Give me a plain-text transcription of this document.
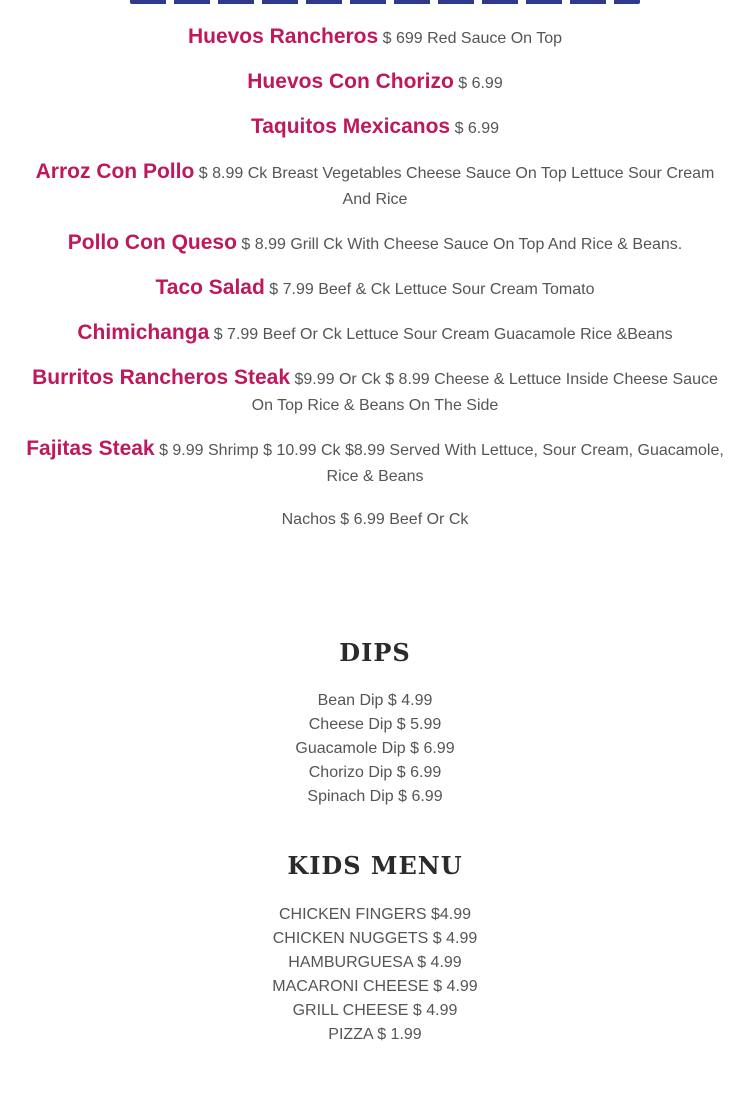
Huevos Rancheros $ 699 Red Sauce On Top
Huevos Con Chorizo $ 6.99
Taquitos Mexicanos $ 6.99
Arroz Con Pollo $ 8.99 Ck Breast Vegetables Cheese Sauce On Top Lettuce Sour Cream And Rice
Pollo Con Queso $ 8.99 Grill Ck With Cheese Sauce On Top And Rice & Beans.
Taco Salad $ 7.99 Beef & Ck Lettuce Sour Cream Tomato
Chimichanga $ 7.99 Beef Or Ck Lettuce Sour Cream Guacamole Rice &Beans
Burritos Rancheros Steak $9.99 Or Ck $ 8.99 Cheese & Lettuce Inside Cheese Sauce On Top Rice & Beans On The Side
Fajitas Steak $ 9.99 Shrimp $ 10.99 Ck $8.99 Served With Lettuce, Sour Cream, Guacamole, Rice & Beans
Nachos $ 6.99 Beef Or Ck
DIPS
Bean Dip $ 4.99
Cheese Dip $ 5.99
Guacamole Dip $ 6.99
Chorizo Dip $ 6.99
Spinach Dip $ 6.99
KIDS MENU
CHICKEN FINGERS $4.99
CHICKEN NUGGETS $ 4.99
HAMBURGUESA $ 4.99
MACARONI CHEESE $ 4.99
GRILL CHEESE $ 4.99
PIZZA $ 1.99
